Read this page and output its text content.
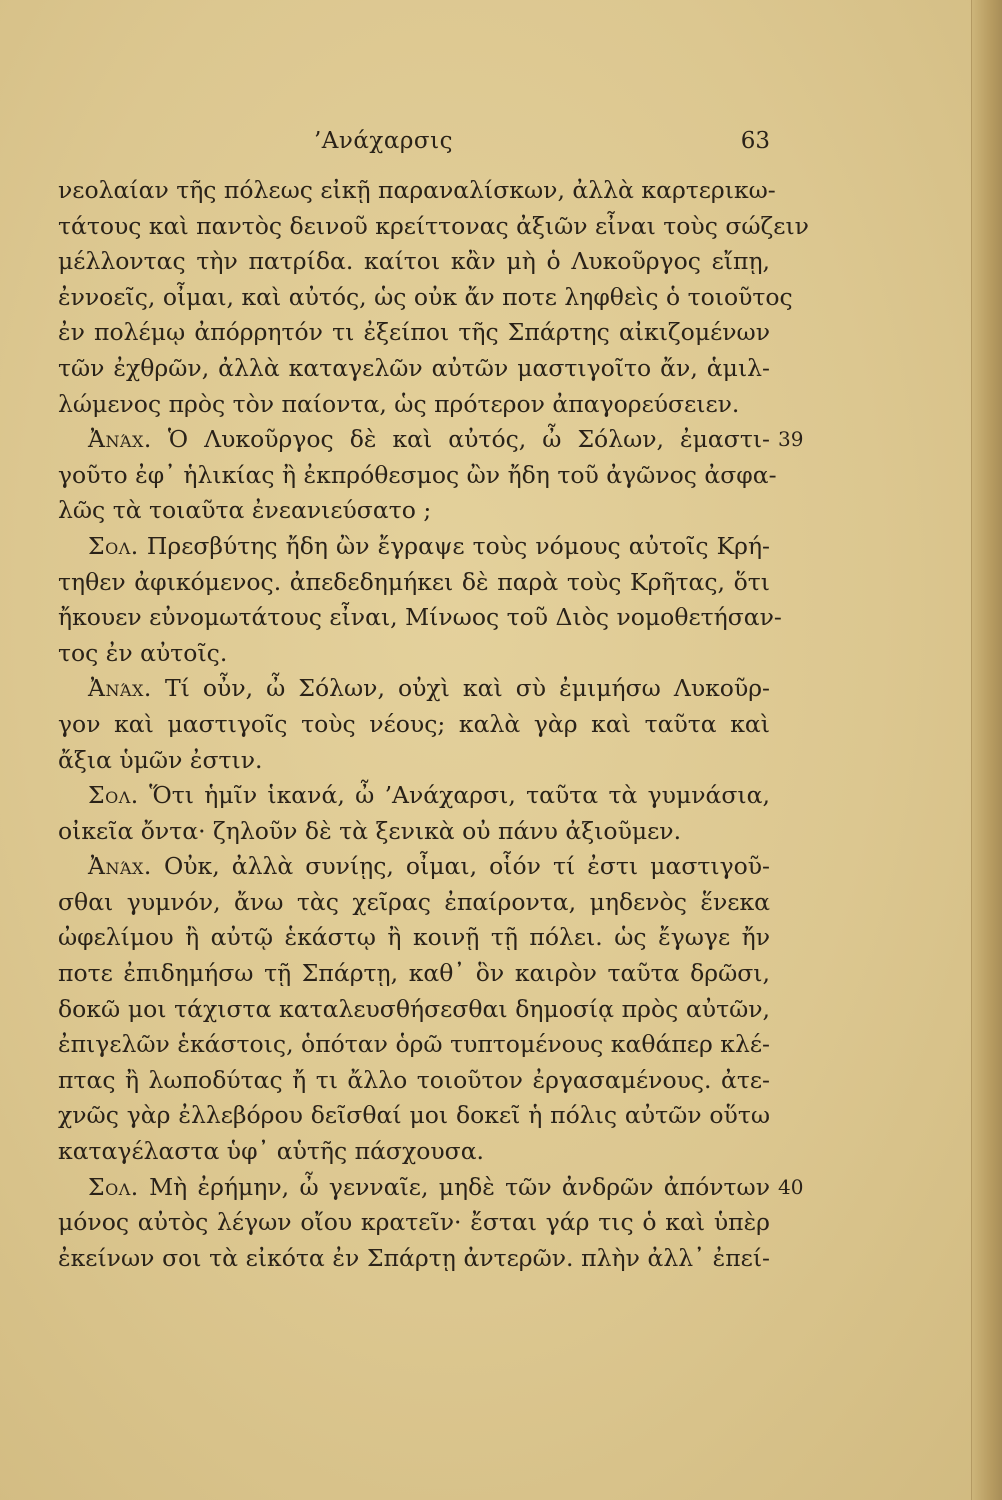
’Ανάχαρσις	63
νεολαίαν τῆς πόλεως εἰκῇ παραναλίσκων, ἀλλὰ καρτερικω-
τάτους καὶ παντὸς δεινοῦ κρείττονας ἀξιῶν εἶναι τοὺς σώζειν
μέλλοντας τὴν πατρίδα. καίτοι κἂν μὴ ὁ Λυκοῦργος εἴπῃ,
ἐννοεῖς, οἶμαι, καὶ αὐτός, ὡς οὐκ ἄν ποτε ληφθεὶς ὁ τοιοῦτος
ἐν πολέμῳ ἀπόρρητόν τι ἐξείποι τῆς Σπάρτης αἰκιζομένων
τῶν ἐχθρῶν, ἀλλὰ καταγελῶν αὐτῶν μαστιγοῖτο ἄν, ἁμιλ-
λώμενος πρὸς τὸν παίοντα, ὡς πρότερον ἀπαγορεύσειεν.
Ἀνάχ. Ὁ Λυκοῦργος δὲ καὶ αὐτός, ὦ Σόλων, ἐμαστι- 39
γοῦτο ἐφ᾿ ἡλικίας ἢ ἐκπρόθεσμος ὢν ἤδη τοῦ ἀγῶνος ἀσφα-
λῶς τὰ τοιαῦτα ἐνεανιεύσατο ;
Σολ. Πρεσβύτης ἤδη ὢν ἔγραψε τοὺς νόμους αὐτοῖς Κρή-
τηθεν ἀφικόμενος. ἀπεδεδημήκει δὲ παρὰ τοὺς Κρῆτας, ὅτι
ἤκουεν εὐνομωτάτους εἶναι, Μίνωος τοῦ Διὸς νομοθετήσαν-
τος ἐν αὐτοῖς.
Ἀνάχ. Τί οὖν, ὦ Σόλων, οὐχὶ καὶ σὺ ἐμιμήσω Λυκοῦρ-
γον καὶ μαστιγοῖς τοὺς νέους; καλὰ γὰρ καὶ ταῦτα καὶ
ἄξια ὑμῶν ἐστιν.
Σολ. Ὅτι ἡμῖν ἱκανά, ὦ ’Ανάχαρσι, ταῦτα τὰ γυμνάσια,
οἰκεῖα ὄντα· ζηλοῦν δὲ τὰ ξενικὰ οὐ πάνυ ἀξιοῦμεν.
Ἀνάχ. Οὐκ, ἀλλὰ συνίῃς, οἶμαι, οἷόν τί ἐστι μαστιγοῦ-
σθαι γυμνόν, ἄνω τὰς χεῖρας ἐπαίροντα, μηδενὸς ἕνεκα
ὠφελίμου ἢ αὐτῷ ἑκάστῳ ἢ κοινῇ τῇ πόλει. ὡς ἔγωγε ἤν
ποτε ἐπιδημήσω τῇ Σπάρτῃ, καθ᾿ ὃν καιρὸν ταῦτα δρῶσι,
δοκῶ μοι τάχιστα καταλευσθήσεσθαι δημοσίᾳ πρὸς αὐτῶν,
ἐπιγελῶν ἑκάστοις, ὁπόταν ὁρῶ τυπτομένους καθάπερ κλέ-
πτας ἢ λωποδύτας ἤ τι ἄλλο τοιοῦτον ἐργασαμένους. ἀτε-
χνῶς γὰρ ἐλλεβόρου δεῖσθαί μοι δοκεῖ ἡ πόλις αὐτῶν οὕτω
καταγέλαστα ὑφ᾿ αὑτῆς πάσχουσα.
Σολ. Μὴ ἐρήμην, ὦ γενναῖε, μηδὲ τῶν ἀνδρῶν ἀπόντων 40
μόνος αὐτὸς λέγων οἴου κρατεῖν· ἔσται γάρ τις ὁ καὶ ὑπὲρ
ἐκείνων σοι τὰ εἰκότα ἐν Σπάρτῃ ἀντερῶν. πλὴν ἀλλ᾿ ἐπεί-
